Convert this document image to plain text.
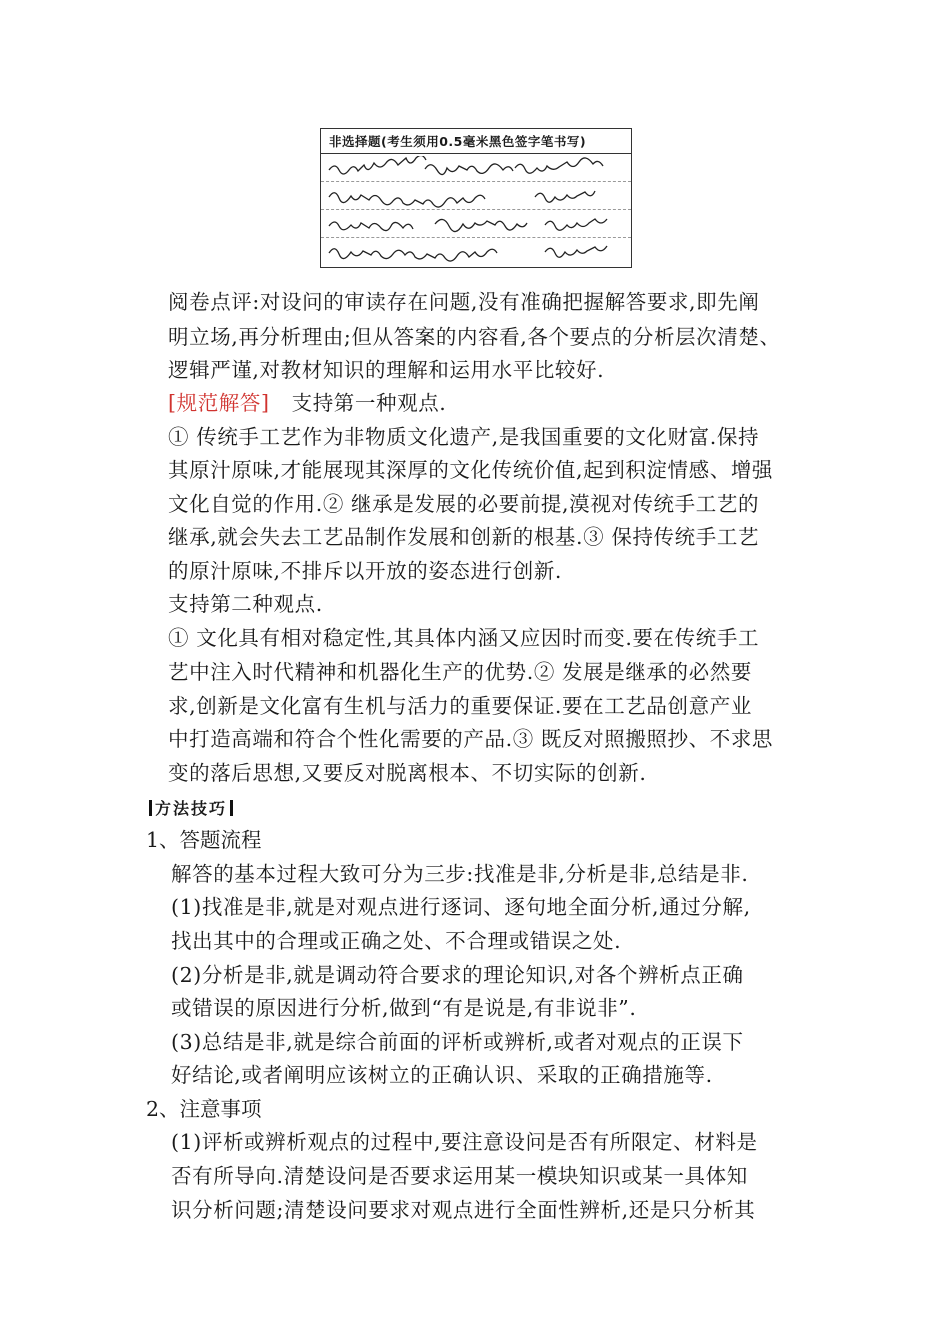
非选择题(考生须用0.5毫米黑色签字笔书写)
阅卷点评:对设问的审读存在问题,没有准确把握解答要求,即先阐
明立场,再分析理由;但从答案的内容看,各个要点的分析层次清楚、
逻辑严谨,对教材知识的理解和运用水平比较好.
[规范解答] 支持第一种观点.
① 传统手工艺作为非物质文化遗产,是我国重要的文化财富.保持
其原汁原味,才能展现其深厚的文化传统价值,起到积淀情感、增强
文化自觉的作用.② 继承是发展的必要前提,漠视对传统手工艺的
继承,就会失去工艺品制作发展和创新的根基.③ 保持传统手工艺
的原汁原味,不排斥以开放的姿态进行创新.
支持第二种观点.
① 文化具有相对稳定性,其具体内涵又应因时而变.要在传统手工
艺中注入时代精神和机器化生产的优势.② 发展是继承的必然要
求,创新是文化富有生机与活力的重要保证.要在工艺品创意产业
中打造高端和符合个性化需要的产品.③ 既反对照搬照抄、不求思
变的落后思想,又要反对脱离根本、不切实际的创新.
方法技巧
1、答题流程
解答的基本过程大致可分为三步:找准是非,分析是非,总结是非.
(1)找准是非,就是对观点进行逐词、逐句地全面分析,通过分解,
找出其中的合理或正确之处、不合理或错误之处.
(2)分析是非,就是调动符合要求的理论知识,对各个辨析点正确
或错误的原因进行分析,做到“有是说是,有非说非”.
(3)总结是非,就是综合前面的评析或辨析,或者对观点的正误下
好结论,或者阐明应该树立的正确认识、采取的正确措施等.
2、注意事项
(1)评析或辨析观点的过程中,要注意设问是否有所限定、材料是
否有所导向.清楚设问是否要求运用某一模块知识或某一具体知
识分析问题;清楚设问要求对观点进行全面性辨析,还是只分析其
